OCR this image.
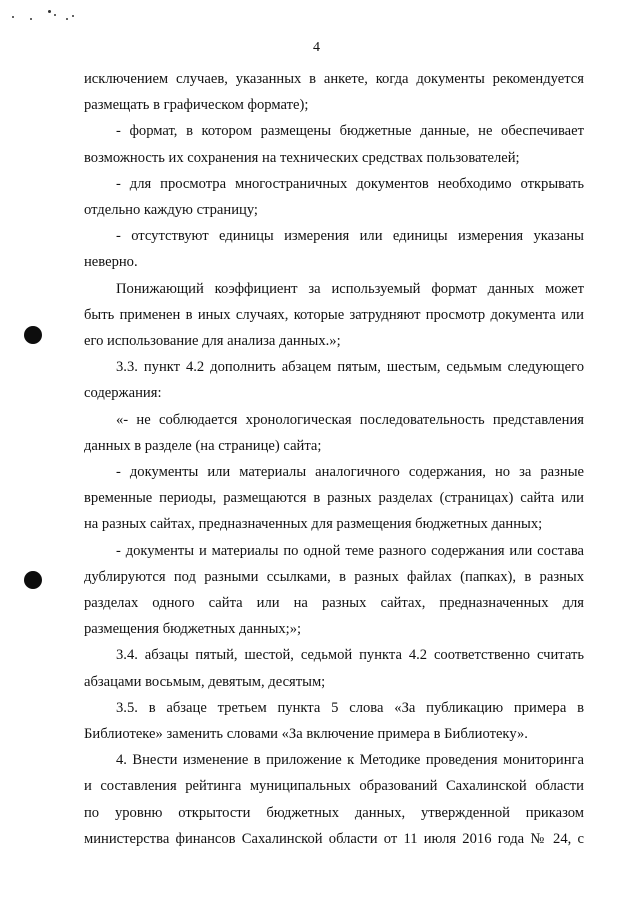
4

исключением случаев, указанных в анкете, когда документы рекомендуется

размещать в графическом формате);

- формат, в котором размещены бюджетные данные, не обеспечивает

возможность их сохранения на технических средствах пользователей;

- для просмотра многостраничных документов необходимо открывать

отдельно каждую страницу;

- отсутствуют единицы измерения или единицы измерения указаны

неверно.

Понижающий коэффициент за используемый формат данных может

быть применен в иных случаях, которые затрудняют просмотр документа или

его использование для анализа данных.»;

3.3. пункт 4.2 дополнить абзацем пятым, шестым, седьмым следующего

содержания:

«- не соблюдается хронологическая последовательность представления

данных в разделе (на странице) сайта;

- документы или материалы аналогичного содержания, но за разные

временные периоды, размещаются в разных разделах (страницах) сайта или

на разных сайтах, предназначенных для размещения бюджетных данных;

- документы и материалы по одной теме разного содержания или состава

дублируются под разными ссылками, в разных файлах (папках), в разных

разделах одного сайта или на разных сайтах, предназначенных для

размещения бюджетных данных;»;

3.4. абзацы пятый, шестой, седьмой пункта 4.2 соответственно считать

абзацами восьмым, девятым, десятым;

3.5. в абзаце третьем пункта 5 слова «За публикацию примера в

Библиотеке» заменить словами «За включение примера в Библиотеку».

4. Внести изменение в приложение к Методике проведения мониторинга

и составления рейтинга муниципальных образований Сахалинской области

по уровню открытости бюджетных данных, утвержденной приказом

министерства финансов Сахалинской области от 11 июля 2016 года № 24, с
